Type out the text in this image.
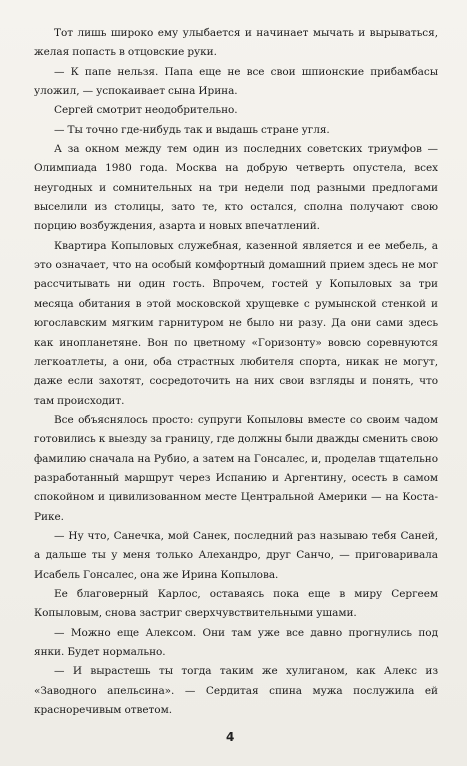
Тот лишь широко ему улыбается и начинает мычать и вырываться, желая попасть в отцовские руки.

— К папе нельзя. Папа еще не все свои шпионские прибамбасы уложил, — успокаивает сына Ирина.

Сергей смотрит неодобрительно.

— Ты точно где-нибудь так и выдашь стране угля.

А за окном между тем один из последних советских триумфов — Олимпиада 1980 года. Москва на добрую четверть опустела, всех неугодных и сомнительных на три недели под разными предлогами выселили из столицы, зато те, кто остался, сполна получают свою порцию возбуждения, азарта и новых впечатлений.

Квартира Копыловых служебная, казенной является и ее мебель, а это означает, что на особый комфортный домашний прием здесь не мог рассчитывать ни один гость. Впрочем, гостей у Копыловых за три месяца обитания в этой московской хрущевке с румынской стенкой и югославским мягким гарнитуром не было ни разу. Да они сами здесь как инопланетяне. Вон по цветному «Горизонту» вовсю соревнуются легкоатлеты, а они, оба страстных любителя спорта, никак не могут, даже если захотят, сосредоточить на них свои взгляды и понять, что там происходит.

Все объяснялось просто: супруги Копыловы вместе со своим чадом готовились к выезду за границу, где должны были дважды сменить свою фамилию сначала на Рубио, а затем на Гонсалес, и, проделав тщательно разработанный маршрут через Испанию и Аргентину, осесть в самом спокойном и цивилизованном месте Центральной Америки — на Коста-Рике.

— Ну что, Санечка, мой Санек, последний раз называю тебя Саней, а дальше ты у меня только Алехандро, друг Санчо, — приговаривала Исабель Гонсалес, она же Ирина Копылова.

Ее благоверный Карлос, оставаясь пока еще в миру Сергеем Копыловым, снова застриг сверхчувствительными ушами.

— Можно еще Алексом. Они там уже все давно прогнулись под янки. Будет нормально.

— И вырастешь ты тогда таким же хулиганом, как Алекс из «Заводного апельсина». — Сердитая спина мужа послужила ей красноречивым ответом.

4
